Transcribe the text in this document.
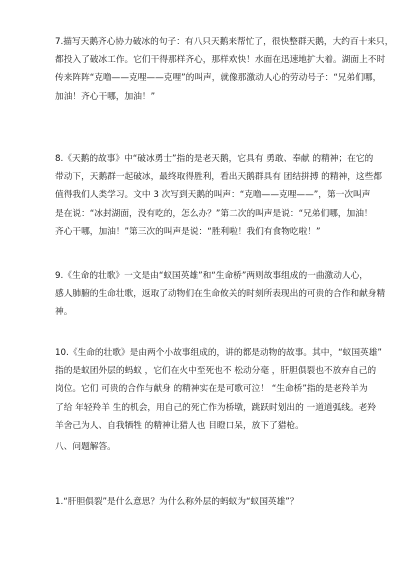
7.描写天鹅齐心协力破冰的句子：有八只天鹅来帮忙了，很快整群天鹅，大约百十来只，

都投入了破冰工作。它们干得那样齐心，那样欢快！水面在迅速地扩大着。湖面上不时

传来阵阵“克噜——克哩——克哩”的叫声，就像那激动人心的劳动号子：“兄弟们哪，

加油！齐心干哪，加油！”

8.《天鹅的故事》中“破冰勇士”指的是老天鹅，它具有 勇敢、奉献 的精神；在它的

带动下，天鹅群一起破冰，最终取得胜利，看出天鹅群具有 团结拼搏 的精神，这些都

值得我们人类学习。文中 3 次写到天鹅的叫声：“克噜——克哩——”，第一次叫声

是在说：“冰封湖面，没有吃的，怎么办？”第二次的叫声是说：“兄弟们哪，加油！

齐心干哪，加油！”第三次的叫声是说：“胜利啦！我们有食物吃啦！”

9.《生命的壮歌》一文是由“蚁国英雄”和“生命桥”两则故事组成的一曲激动人心，

感人肺腑的生命壮歌，返取了动物们在生命攸关的时刻所表现出的可贵的合作和献身精

神。

10.《生命的壮歌》是由两个小故事组成的，讲的都是动物的故事。其中，“蚁国英雄”

指的是蚁团外层的蚂蚁 ，它们在火中至死也不 松动分毫 ，肝胆俱裂也不放弃自己的

岗位。它们 可贵的合作与献身 的精神实在是可歌可泣！ “生命桥”指的是老羚羊为

了给 年轻羚羊 生的机会，用自己的死亡作为桥墩，跳跃时划出的 一道道弧线。老羚

羊舍己为人、自我牺牲 的精神让猎人也 目瞪口呆，放下了猎枪。

八、问题解答。

1.“肝胆俱裂”是什么意思？为什么称外层的蚂蚁为“蚁国英雄”？
